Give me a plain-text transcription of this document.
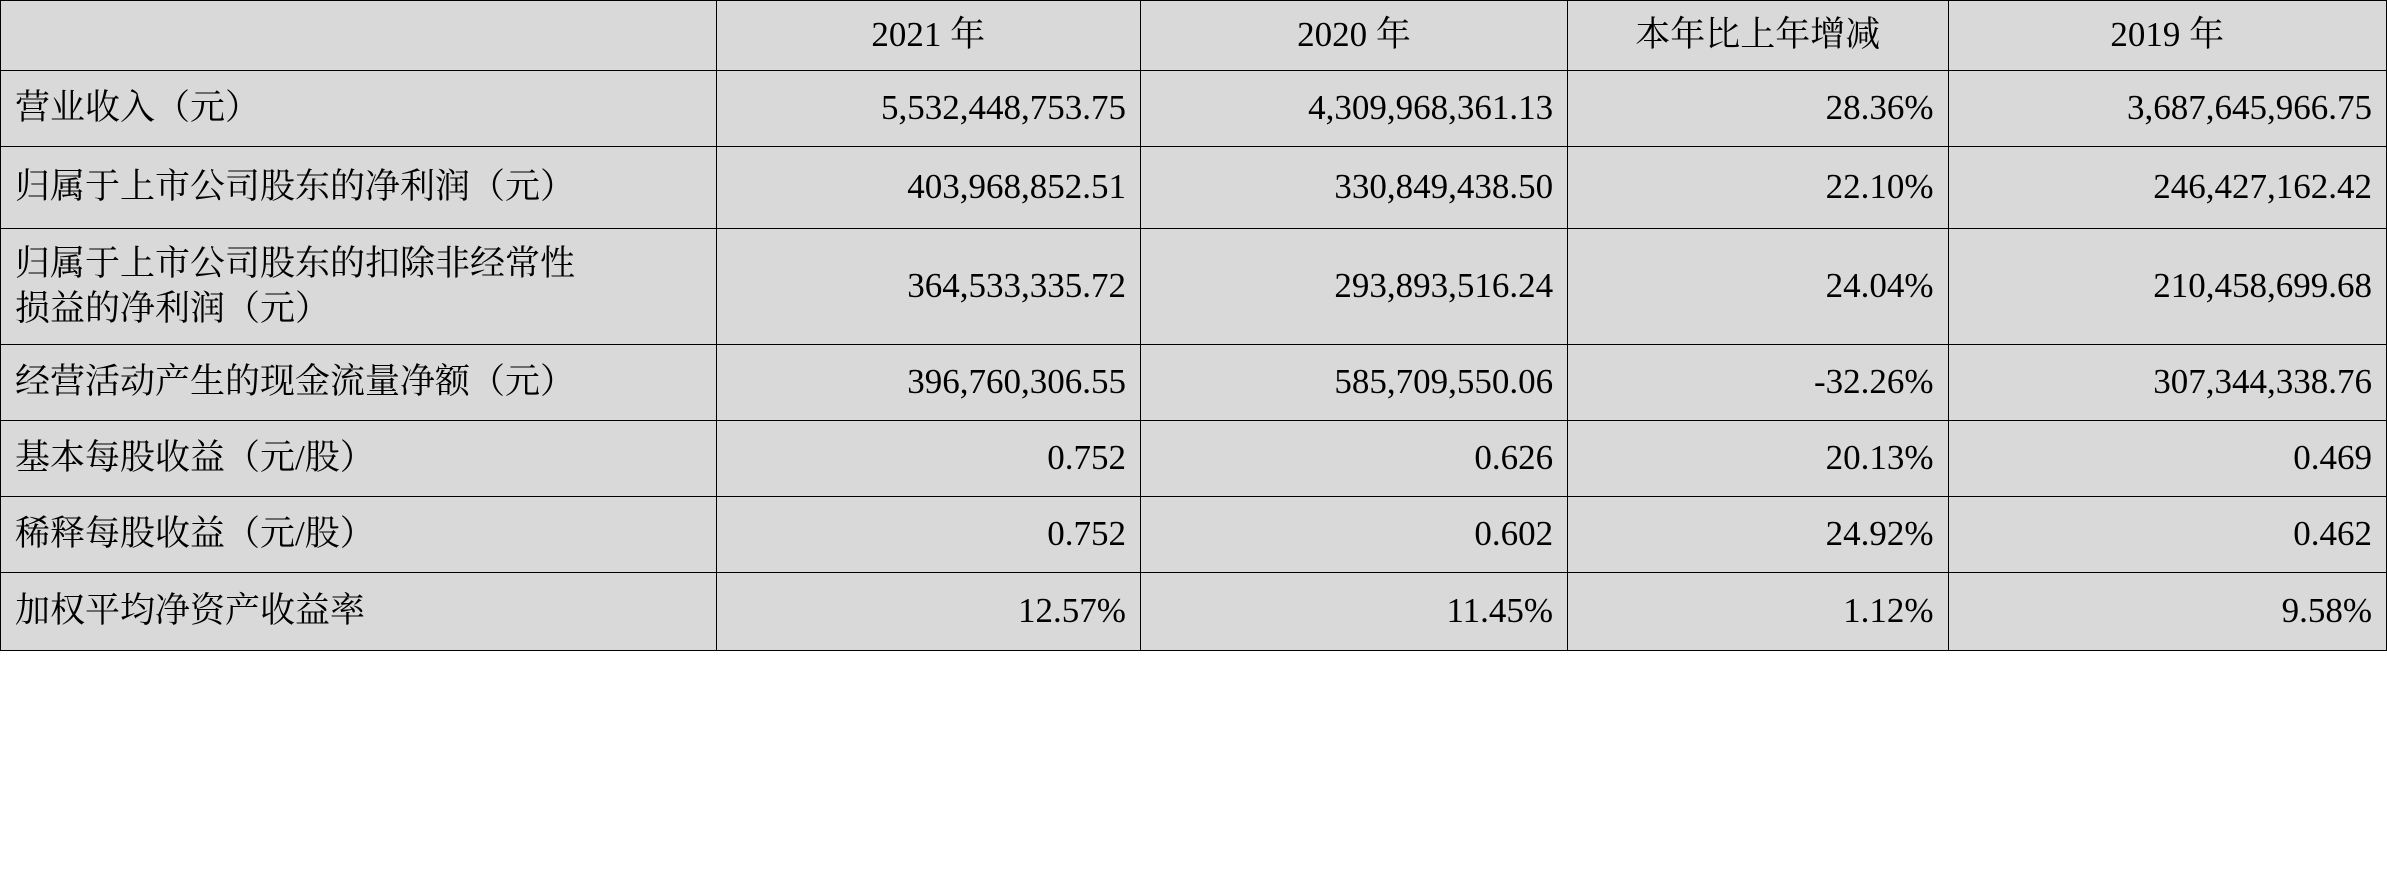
	2021 年	2020 年	本年比上年增减	2019 年
营业收入（元）	5,532,448,753.75	4,309,968,361.13	28.36%	3,687,645,966.75
归属于上市公司股东的净利润（元）	403,968,852.51	330,849,438.50	22.10%	246,427,162.42

归属于上市公司股东的扣除非经常性
损益的净利润（元）	364,533,335.72	293,893,516.24	24.04%	210,458,699.68
经营活动产生的现金流量净额（元）	396,760,306.55	585,709,550.06	-32.26%	307,344,338.76
基本每股收益（元/股）	0.752	0.626	20.13%	0.469
稀释每股收益（元/股）	0.752	0.602	24.92%	0.462
加权平均净资产收益率	12.57%	11.45%	1.12%	9.58%
